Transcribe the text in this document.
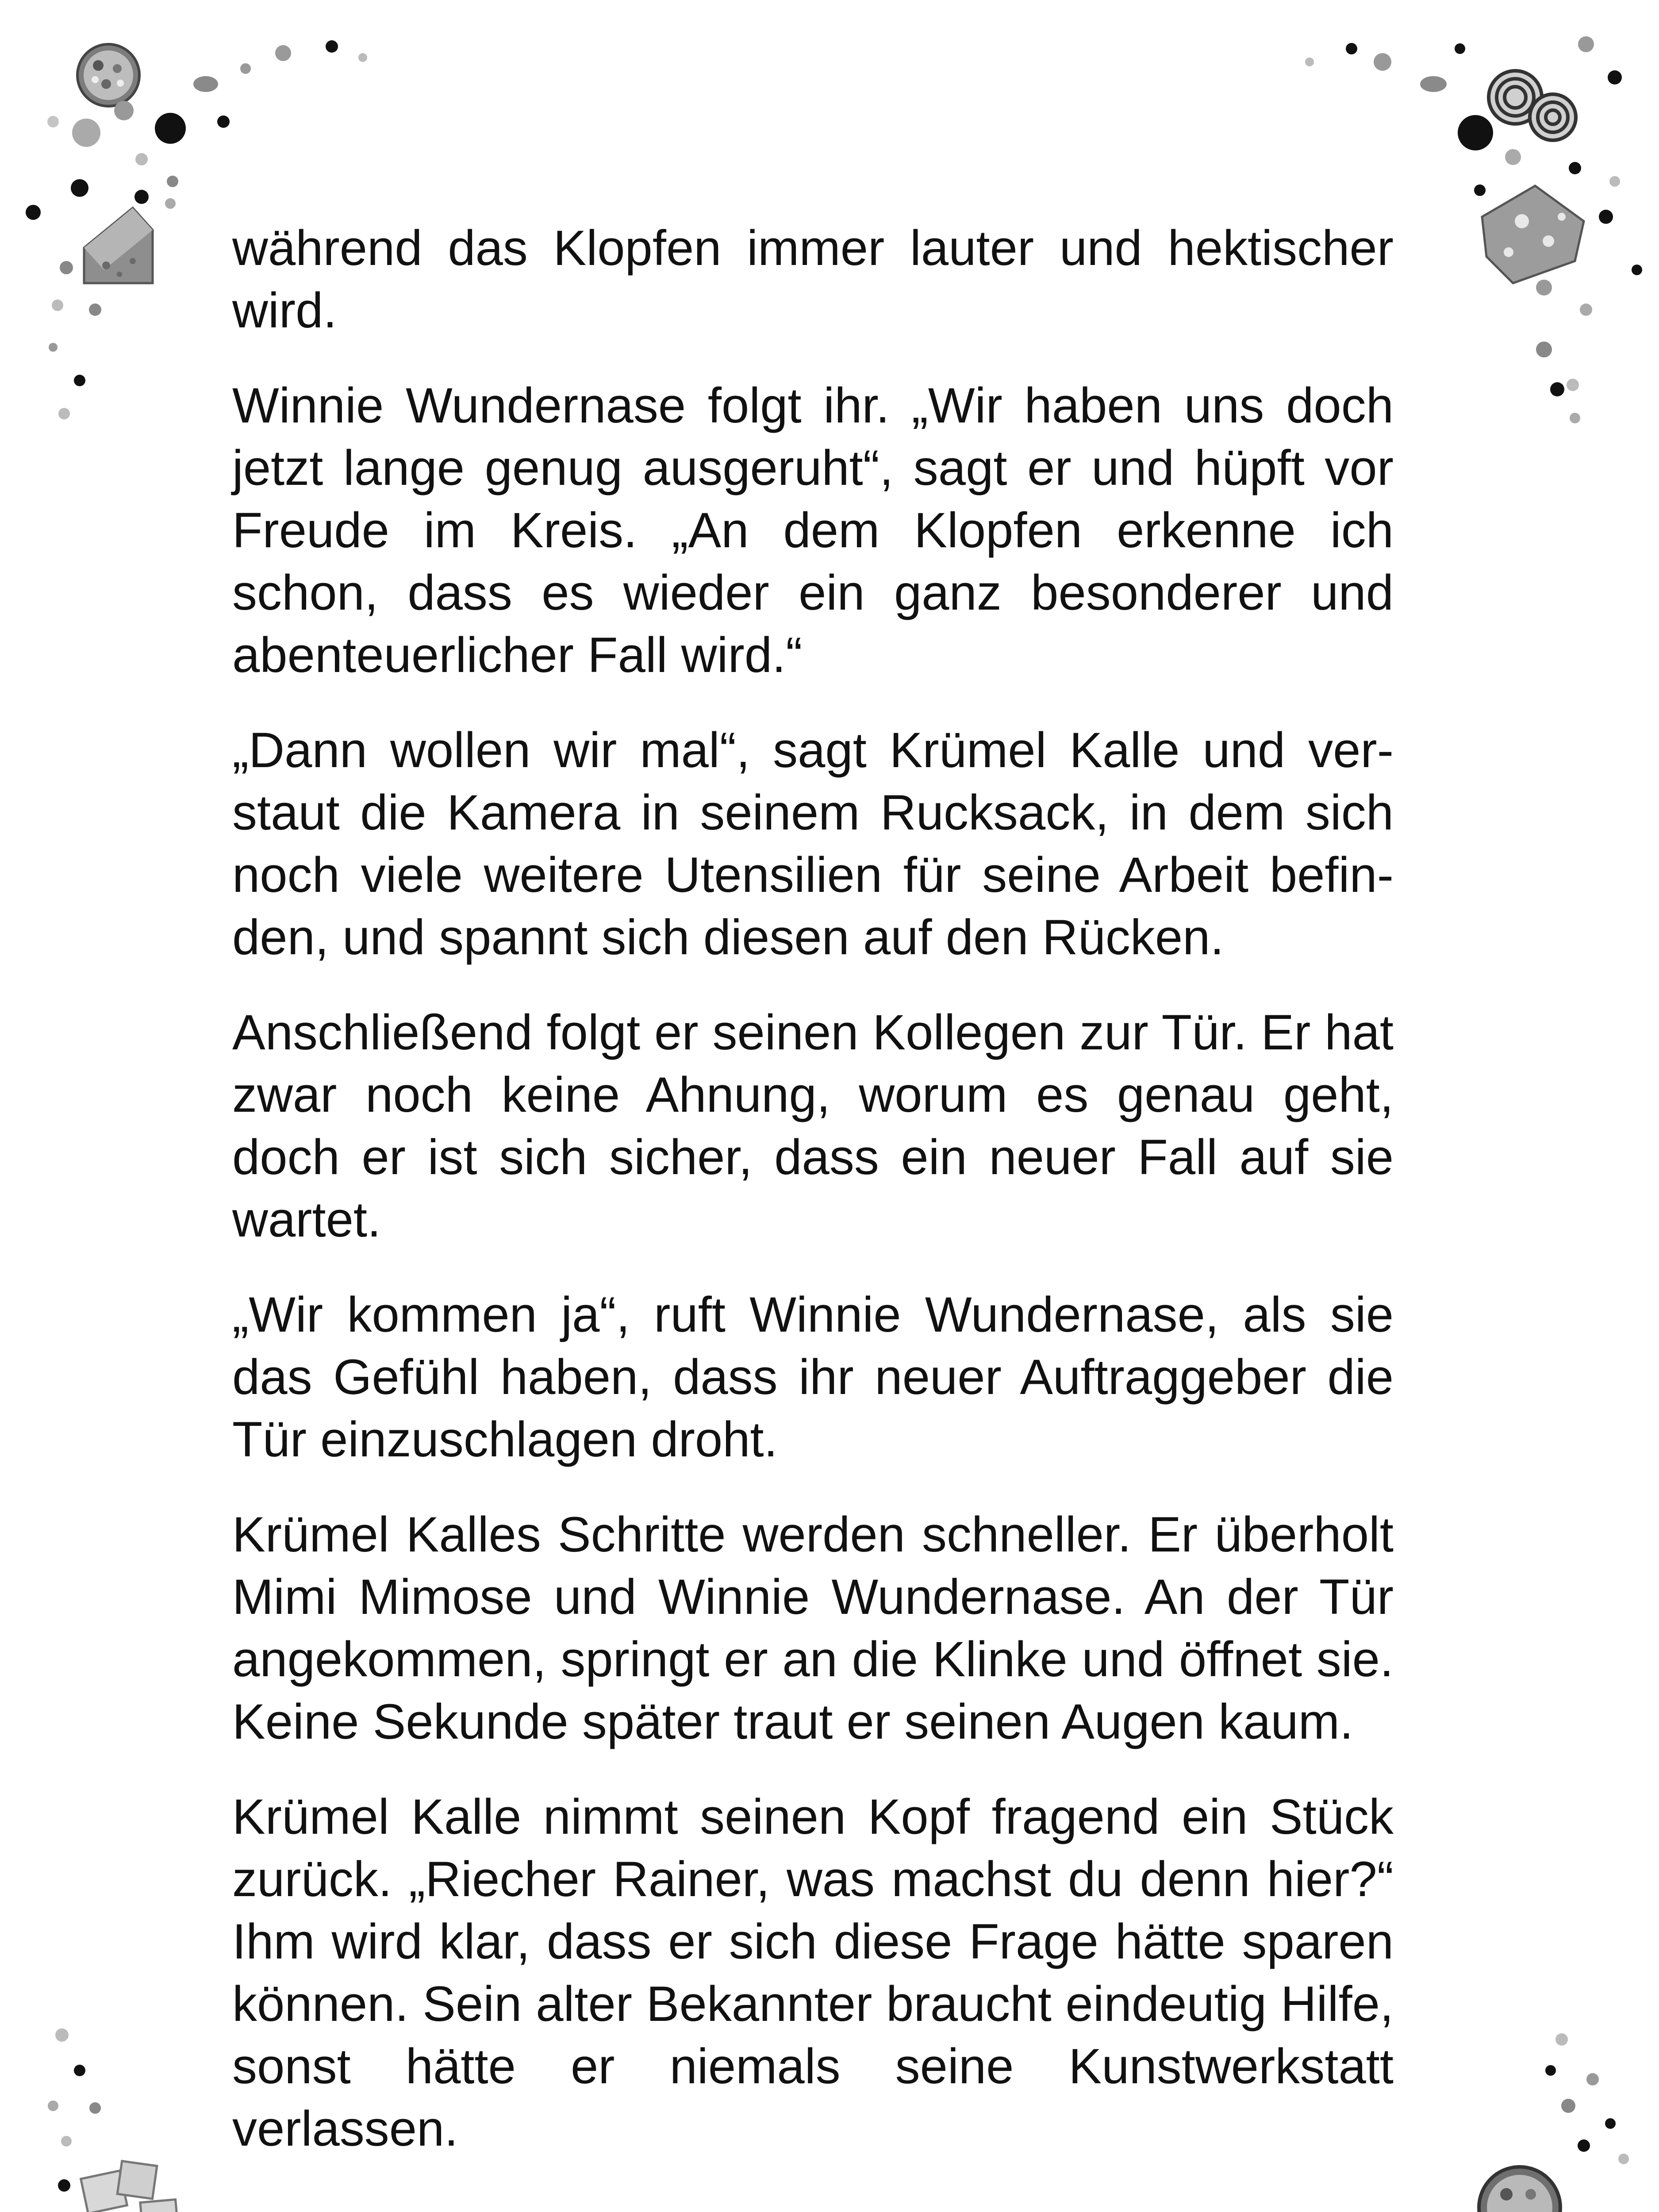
während das Klopfen immer lauter und hektischer wird.

Winnie Wundernase folgt ihr. „Wir haben uns doch jetzt lange genug ausgeruht“, sagt er und hüpft vor Freude im Kreis. „An dem Klopfen erkenne ich schon, dass es wieder ein ganz besonderer und abenteuerlicher Fall wird.“

„Dann wollen wir mal“, sagt Krümel Kalle und verstaut die Kamera in seinem Rucksack, in dem sich noch viele weitere Utensilien für seine Arbeit befinden, und spannt sich diesen auf den Rücken.

Anschließend folgt er seinen Kollegen zur Tür. Er hat zwar noch keine Ahnung, worum es genau geht, doch er ist sich sicher, dass ein neuer Fall auf sie wartet.

„Wir kommen ja“, ruft Winnie Wundernase, als sie das Gefühl haben, dass ihr neuer Auftraggeber die Tür einzuschlagen droht.

Krümel Kalles Schritte werden schneller. Er überholt Mimi Mimose und Winnie Wundernase. An der Tür angekommen, springt er an die Klinke und öffnet sie. Keine Sekunde später traut er seinen Augen kaum.

Krümel Kalle nimmt seinen Kopf fragend ein Stück zurück. „Riecher Rainer, was machst du denn hier?“ Ihm wird klar, dass er sich diese Frage hätte sparen können. Sein alter Bekannter braucht eindeutig Hilfe, sonst hätte er niemals seine Kunstwerkstatt verlassen.
